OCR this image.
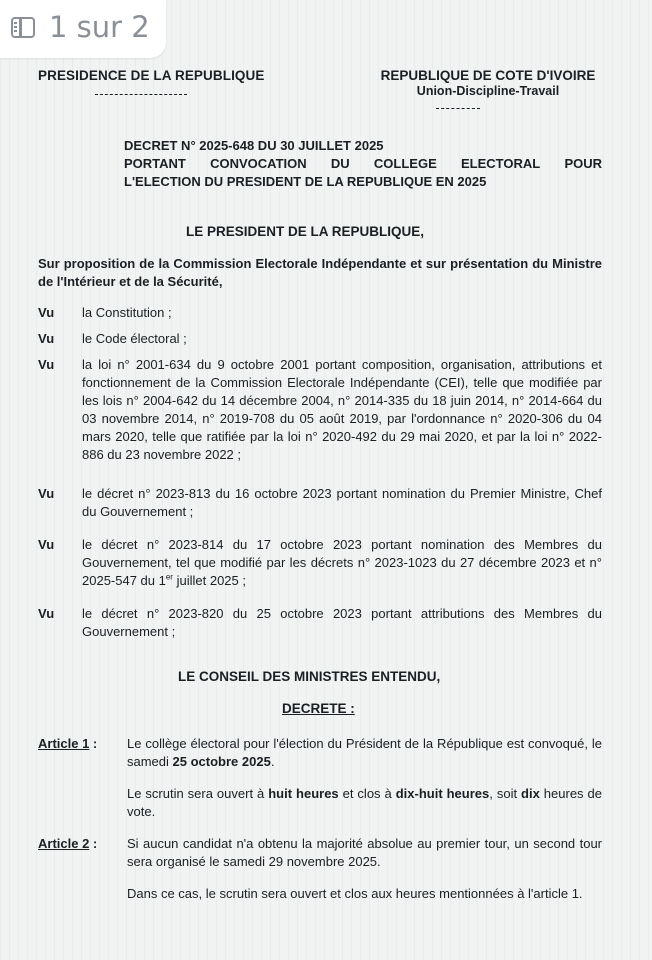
1 sur 2
PRESIDENCE DE LA REPUBLIQUE	REPUBLIQUE DE COTE D'IVOIRE
Union-Discipline-Travail
DECRET N° 2025-648 DU 30 JUILLET 2025
PORTANT CONVOCATION DU COLLEGE ELECTORAL POUR
L'ELECTION DU PRESIDENT DE LA REPUBLIQUE EN 2025
LE PRESIDENT DE LA REPUBLIQUE,
Sur proposition de la Commission Electorale Indépendante et sur présentation du Ministre de l'Intérieur et de la Sécurité,
Vu la Constitution ;
Vu le Code électoral ;
Vu la loi n° 2001-634 du 9 octobre 2001 portant composition, organisation, attributions et fonctionnement de la Commission Electorale Indépendante (CEI), telle que modifiée par les lois n° 2004-642 du 14 décembre 2004, n° 2014-335 du 18 juin 2014, n° 2014-664 du 03 novembre 2014, n° 2019-708 du 05 août 2019, par l'ordonnance n° 2020-306 du 04 mars 2020, telle que ratifiée par la loi n° 2020-492 du 29 mai 2020, et par la loi n° 2022-886 du 23 novembre 2022 ;
Vu le décret n° 2023-813 du 16 octobre 2023 portant nomination du Premier Ministre, Chef du Gouvernement ;
Vu le décret n° 2023-814 du 17 octobre 2023 portant nomination des Membres du Gouvernement, tel que modifié par les décrets n° 2023-1023 du 27 décembre 2023 et n° 2025-547 du 1er juillet 2025 ;
Vu le décret n° 2023-820 du 25 octobre 2023 portant attributions des Membres du Gouvernement ;
LE CONSEIL DES MINISTRES ENTENDU,
DECRETE :
Article 1 : Le collège électoral pour l'élection du Président de la République est convoqué, le samedi 25 octobre 2025.
Le scrutin sera ouvert à huit heures et clos à dix-huit heures, soit dix heures de vote.
Article 2 : Si aucun candidat n'a obtenu la majorité absolue au premier tour, un second tour sera organisé le samedi 29 novembre 2025.
Dans ce cas, le scrutin sera ouvert et clos aux heures mentionnées à l'article 1.
